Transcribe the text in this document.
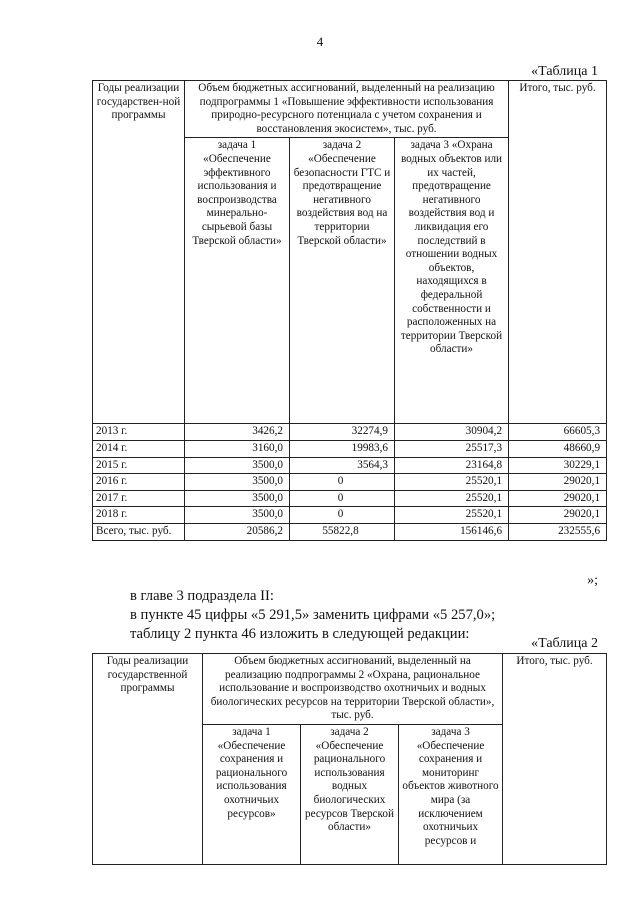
4
«Таблица 1
Годы реализации государствен-ной программы	Объем бюджетных ассигнований, выделенный на реализацию подпрограммы 1 «Повышение эффективности использования природно-ресурсного потенциала с учетом сохранения и восстановления экосистем», тыс. руб.			Итого, тыс. руб.
	задача 1 «Обеспечение эффективного использования и воспроизводства минерально-сырьевой базы Тверской области»	задача 2 «Обеспечение безопасности ГТС и предотвращение негативного воздействия вод на территории Тверской области»	задача 3 «Охрана водных объектов или их частей, предотвращение негативного воздействия вод и ликвидация его последствий в отношении водных объектов, находящихся в федеральной собственности и расположенных на территории Тверской области»	
2013 г.	3426,2	32274,9	30904,2	66605,3
2014 г.	3160,0	19983,6	25517,3	48660,9
2015 г.	3500,0	3564,3	23164,8	30229,1
2016 г.	3500,0	0	25520,1	29020,1
2017 г.	3500,0	0	25520,1	29020,1
2018 г.	3500,0	0	25520,1	29020,1
Всего, тыс. руб.	20586,2	55822,8	156146,6	232555,6
»;
в главе 3 подраздела II:
в пункте 45 цифры «5 291,5» заменить цифрами «5 257,0»;
таблицу 2 пункта 46 изложить в следующей редакции:
«Таблица 2
Годы реализации государственной программы	Объем бюджетных ассигнований, выделенный на реализацию подпрограммы 2 «Охрана, рациональное использование и воспроизводство охотничьих и водных биологических ресурсов на территории Тверской области», тыс. руб.			Итого, тыс. руб.
	задача 1 «Обеспечение сохранения и рационального использования охотничьих ресурсов»	задача 2 «Обеспечение рационального использования водных биологических ресурсов Тверской области»	задача 3 «Обеспечение сохранения и мониторинг объектов животного мира (за исключением охотничьих ресурсов и	
